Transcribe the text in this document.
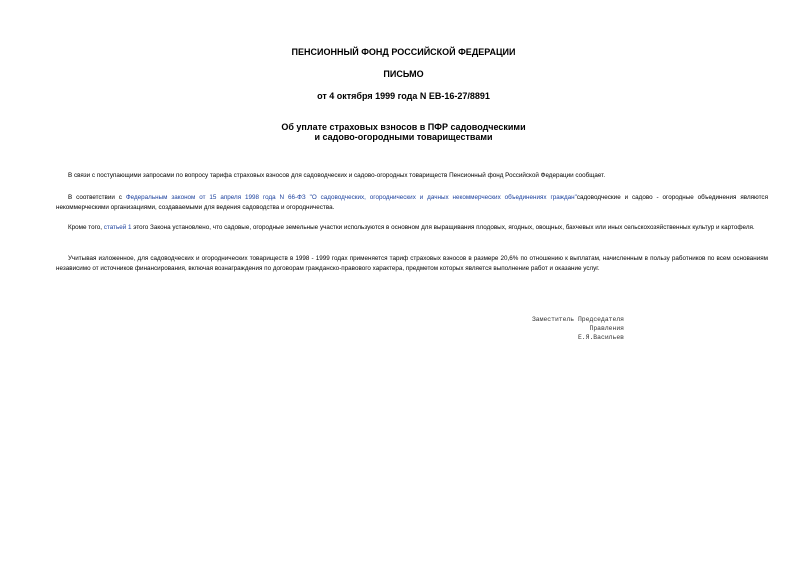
ПЕНСИОННЫЙ ФОНД РОССИЙСКОЙ ФЕДЕРАЦИИ
ПИСЬМО
от 4 октября 1999 года N ЕВ-16-27/8891
Об уплате страховых взносов в ПФР садоводческими
и садово-огородными товариществами
В связи с поступающими запросами по вопросу тарифа страховых взносов для садоводческих и садово-огородных товариществ Пенсионный фонд Российской Федерации сообщает.
В соответствии с Федеральным законом от 15 апреля 1998 года N 66-ФЗ "О садоводческих, огороднических и дачных некоммерческих объединениях граждан"садоводческие и садово - огородные объединения являются некоммерческими организациями, создаваемыми для ведения садоводства и огородничества.
Кроме того, статьей 1 этого Закона установлено, что садовые, огородные земельные участки используются в основном для выращивания плодовых, ягодных, овощных, бахчевых или иных сельскохозяйственных культур и картофеля.
Учитывая изложенное, для садоводческих и огороднических товариществ в 1998 - 1999 годах применяется тариф страховых взносов в размере 20,6% по отношению к выплатам, начисленным в пользу работников по всем основаниям независимо от источников финансирования, включая вознаграждения по договорам гражданско-правового характера, предметом которых является выполнение работ и оказание услуг.
Заместитель Председателя
Правления
Е.Я.Васильев
